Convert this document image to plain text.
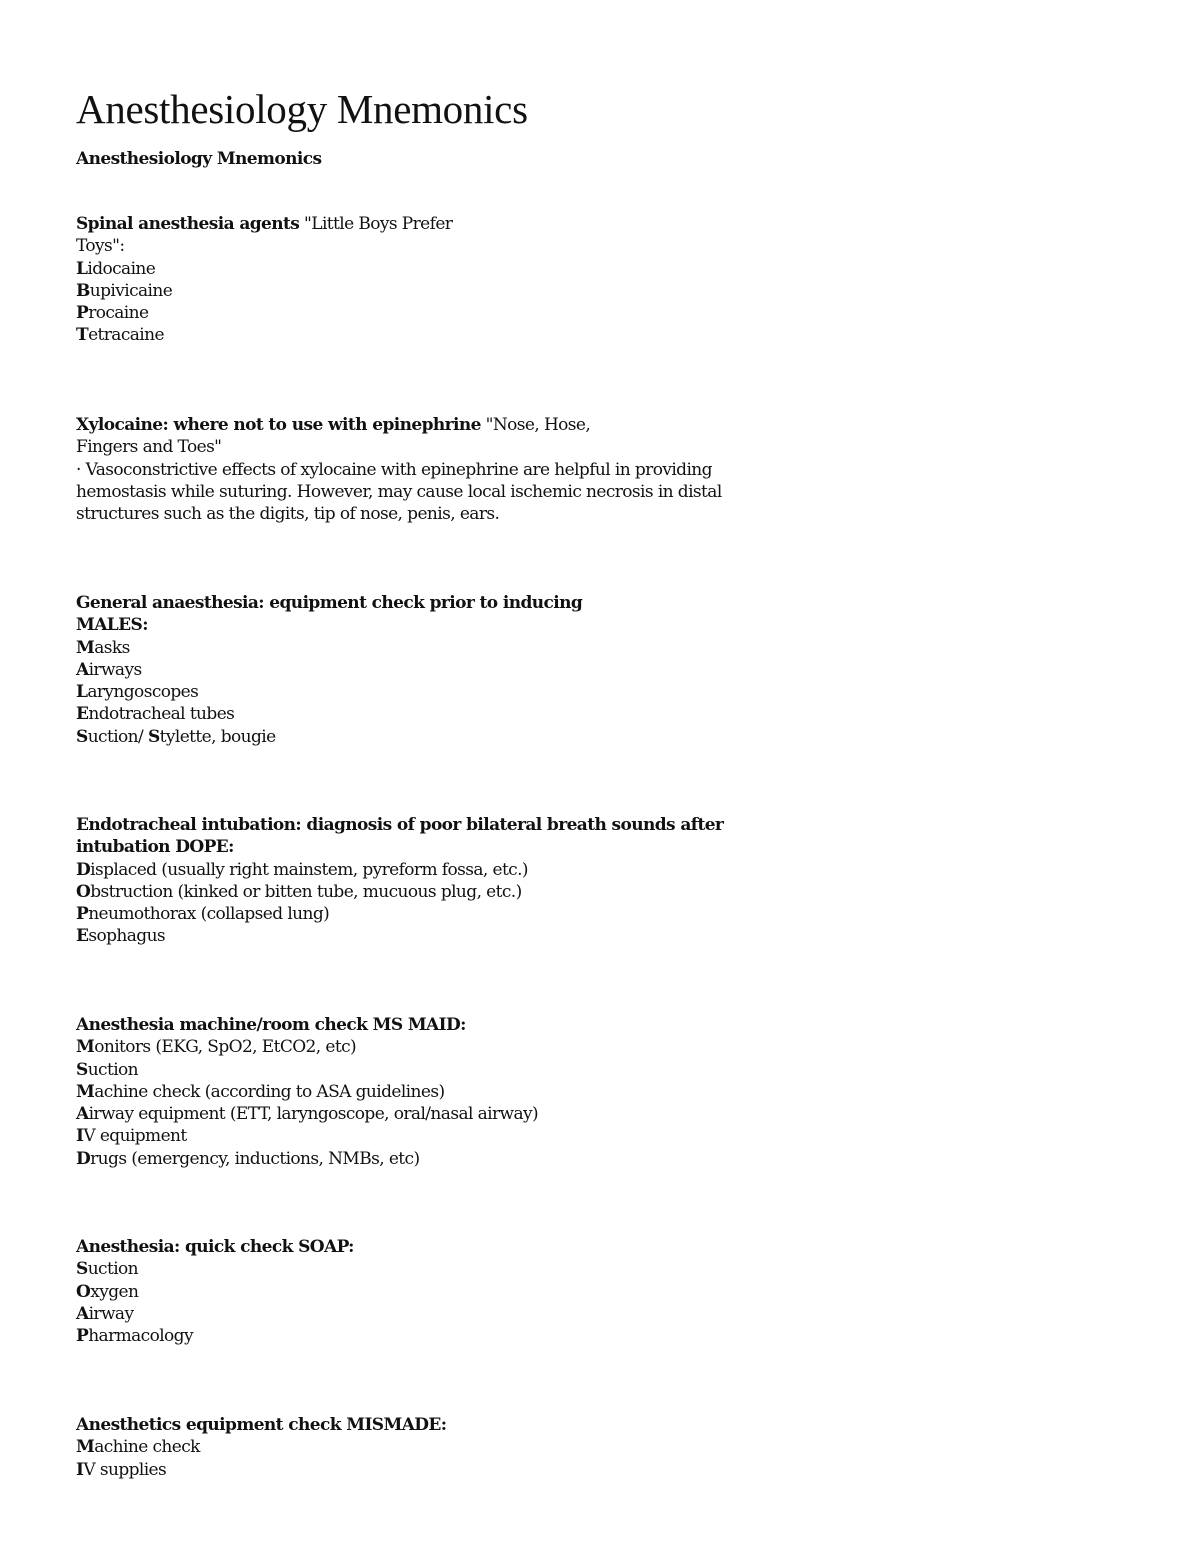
Anesthesiology Mnemonics
Anesthesiology Mnemonics
Spinal anesthesia agents "Little Boys Prefer Toys":
Lidocaine
Bupivicaine
Procaine
Tetracaine
Xylocaine: where not to use with epinephrine "Nose, Hose, Fingers and Toes"
· Vasoconstrictive effects of xylocaine with epinephrine are helpful in providing hemostasis while suturing. However, may cause local ischemic necrosis in distal structures such as the digits, tip of nose, penis, ears.
General anaesthesia: equipment check prior to inducing MALES:
Masks
Airways
Laryngoscopes
Endotracheal tubes
Suction/ Stylette, bougie
Endotracheal intubation: diagnosis of poor bilateral breath sounds after intubation DOPE:
Displaced (usually right mainstem, pyreform fossa, etc.)
Obstruction (kinked or bitten tube, mucuous plug, etc.)
Pneumothorax (collapsed lung)
Esophagus
Anesthesia machine/room check MS MAID:
Monitors (EKG, SpO2, EtCO2, etc)
Suction
Machine check (according to ASA guidelines)
Airway equipment (ETT, laryngoscope, oral/nasal airway)
IV equipment
Drugs (emergency, inductions, NMBs, etc)
Anesthesia: quick check SOAP:
Suction
Oxygen
Airway
Pharmacology
Anesthetics equipment check MISMADE:
Machine check
IV supplies
